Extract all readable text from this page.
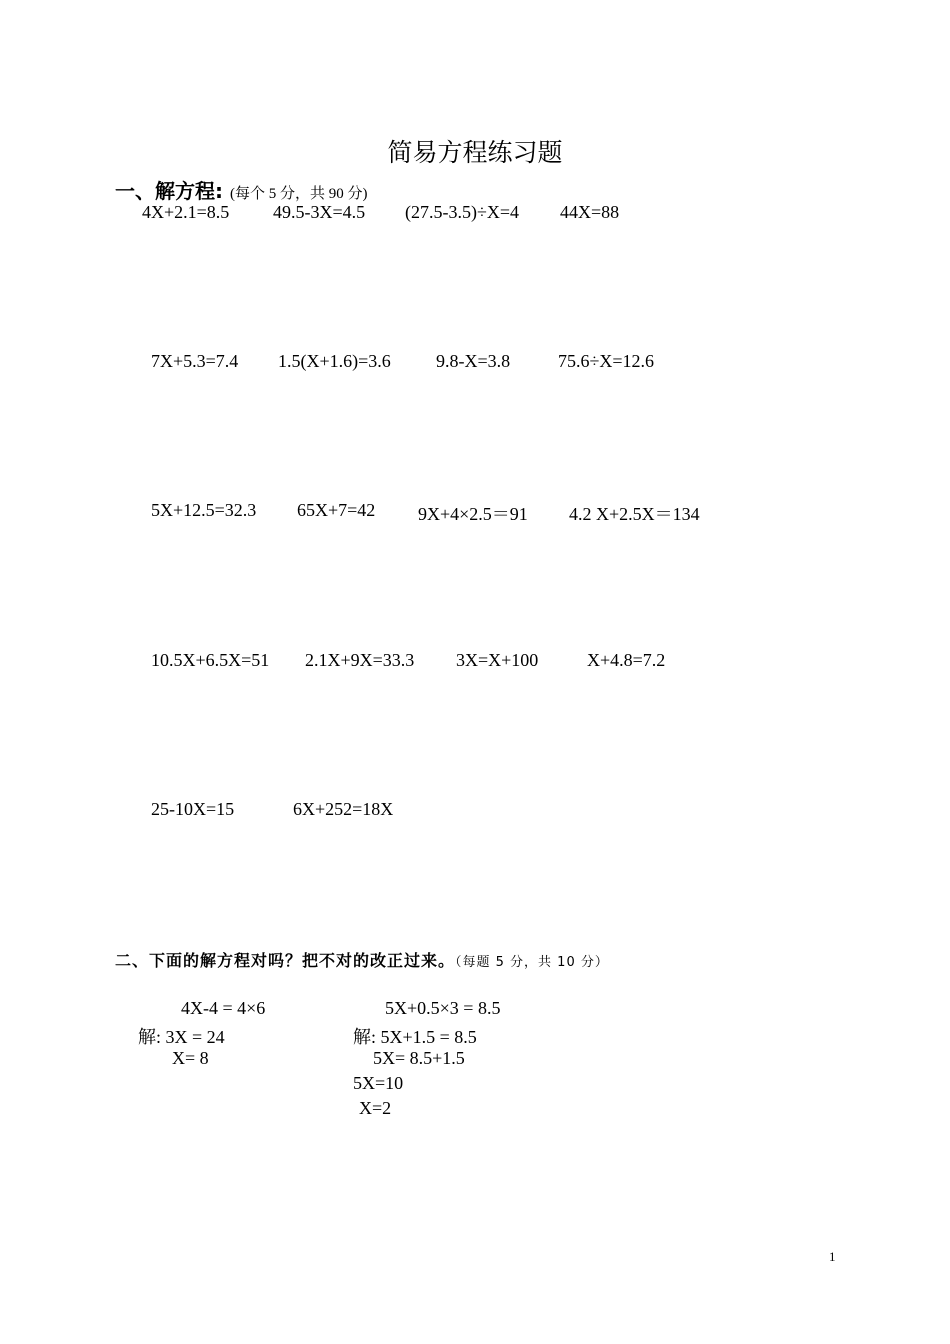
简易方程练习题
一、解方程: (每个 5 分，共 90 分)
4X+2.1=8.5 49.5-3X=4.5 (27.5-3.5)÷X=4 44X=88
7X+5.3=7.4 1.5(X+1.6)=3.6	9.8-X=3.8	75.6÷X=12.6
5X+12.5=32.3 65X+7=42 9X+4×2.5＝91 4.2 X+2.5X＝134
10.5X+6.5X=51 2.1X+9X=33.3 3X=X+100	X+4.8=7.2
25-10X=15	6X+252=18X
二、下面的解方程对吗？把不对的改正过来。（每题 5 分，共 10 分）
4X-4 = 4×6
解: 3X = 24
X= 8
5X+0.5×3 = 8.5
解: 5X+1.5 = 8.5
5X= 8.5+1.5
5X=10
X=2
1
